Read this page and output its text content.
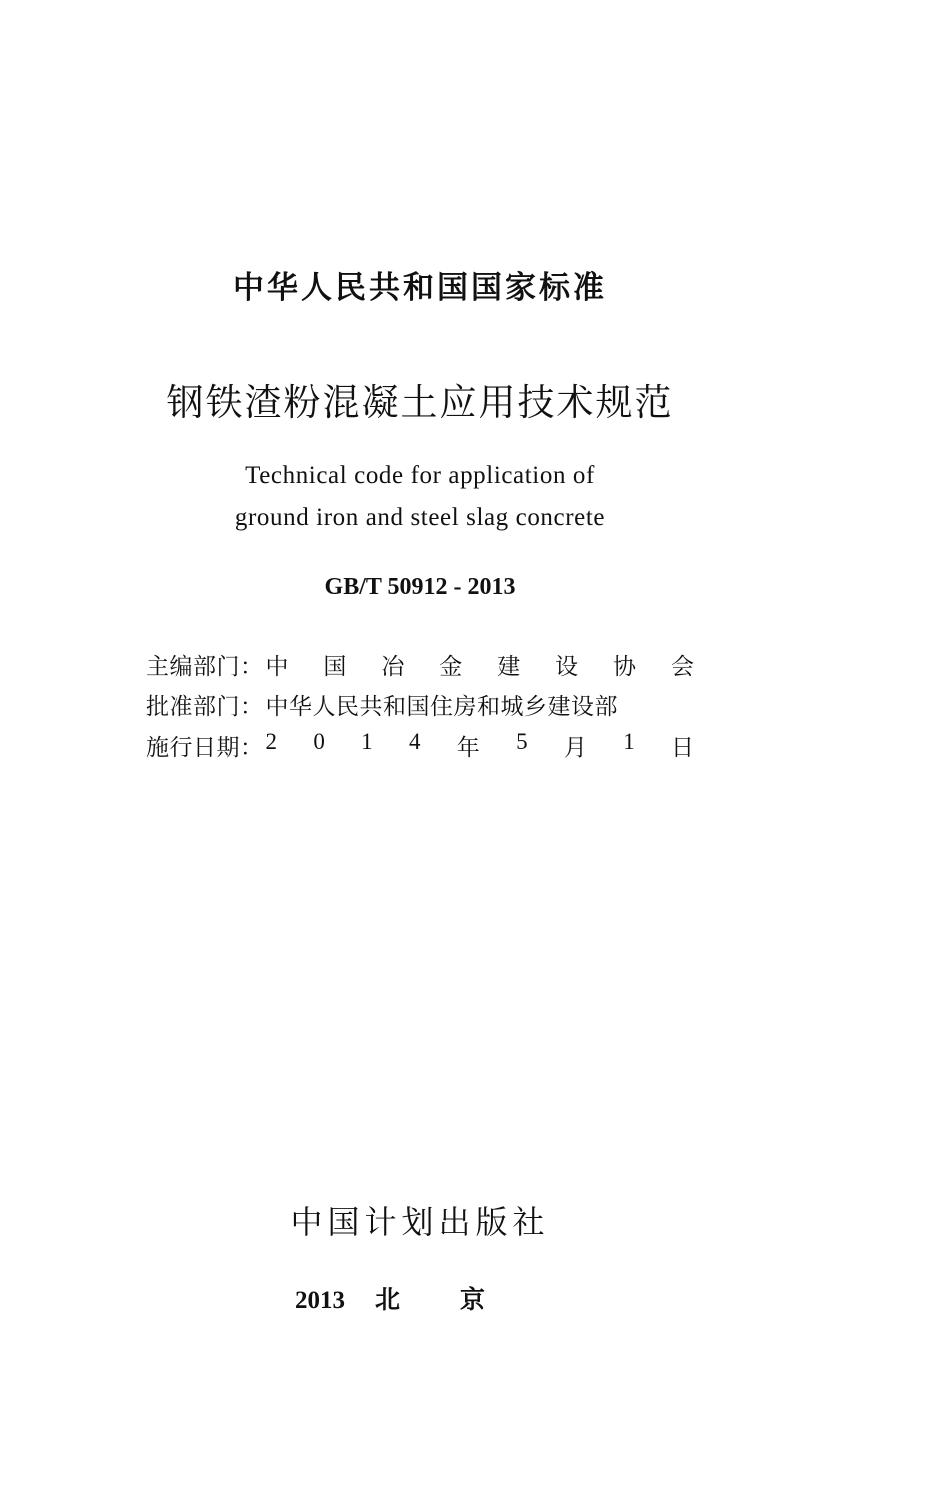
中华人民共和国国家标准
钢铁渣粉混凝土应用技术规范
Technical code for application of
ground iron and steel slag concrete
GB/T 50912 - 2013
主编部门： 中 国 冶 金 建 设 协 会
批准部门： 中华人民共和国住房和城乡建设部
施行日期： 2 0 1 4 年 5 月 1 日
中国计划出版社
2013 北京
